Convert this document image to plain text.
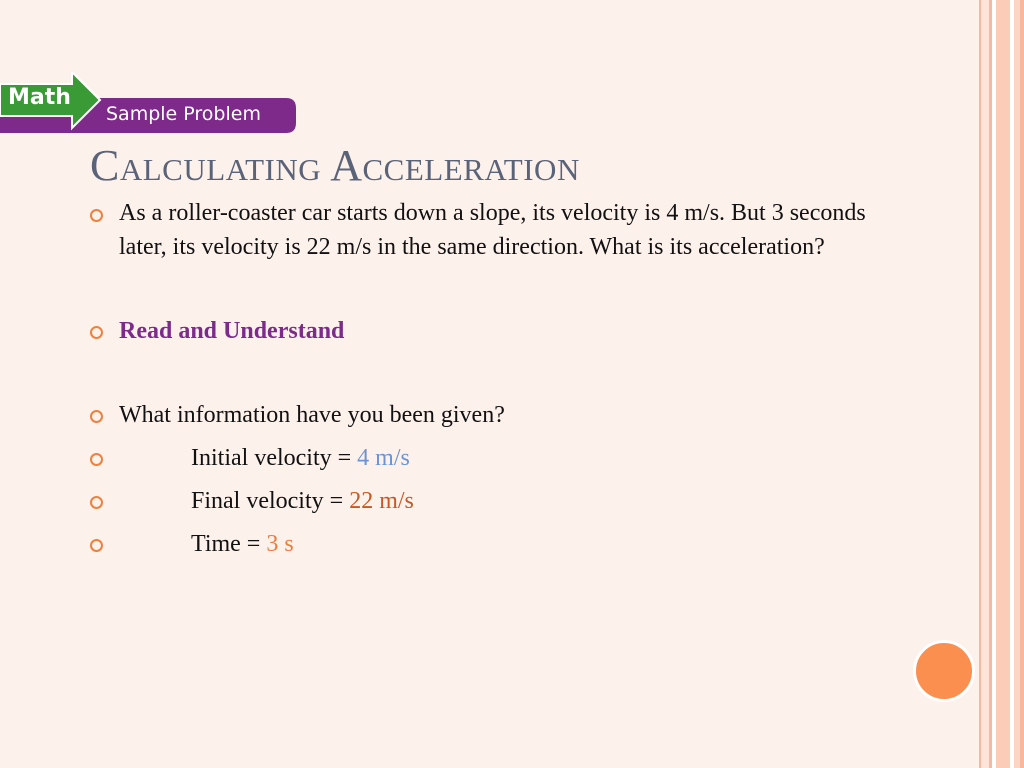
Math
Sample Problem
Calculating Acceleration
As a roller-coaster car starts down a slope, its velocity is 4 m/s. But 3 seconds later, its velocity is 22 m/s in the same direction. What is its acceleration?
Read and Understand
What information have you been given?
Initial velocity = 4 m/s
Final velocity = 22 m/s
Time = 3 s
